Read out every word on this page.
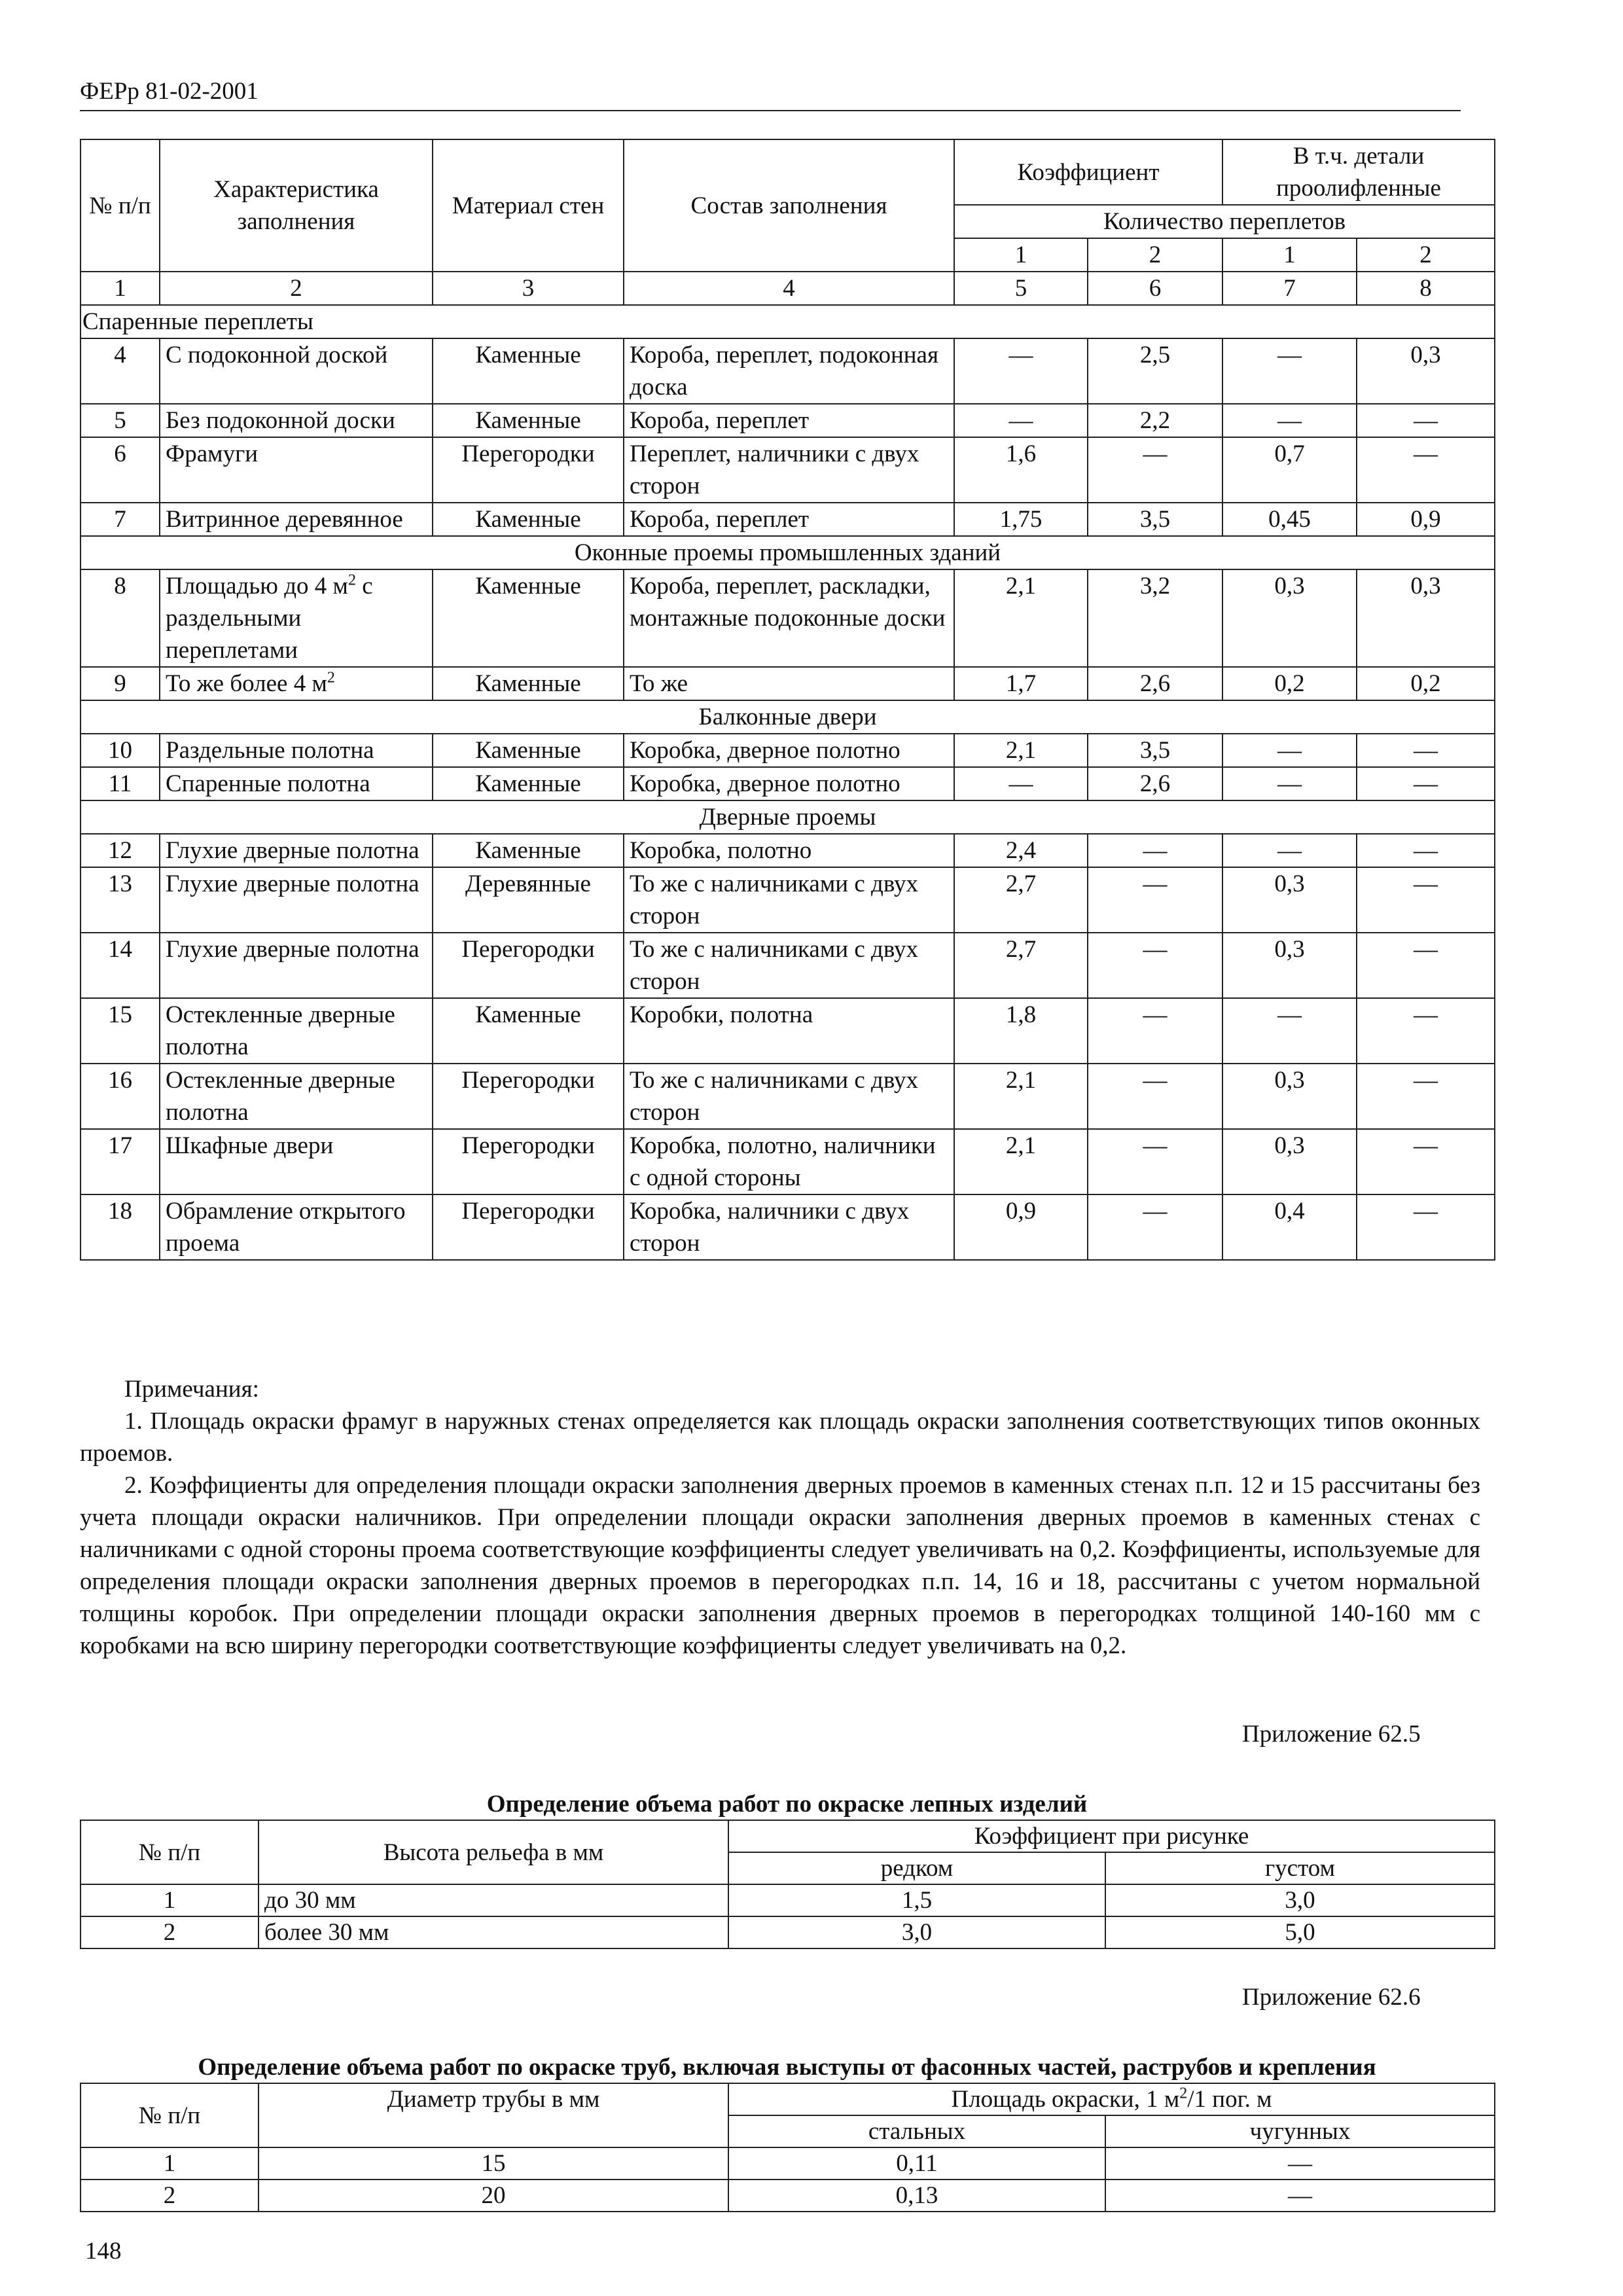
ФЕРр 81-02-2001
№ п/п	Характеристика заполнения	Материал стен	Состав заполнения	Коэффициент		В т.ч. детали проолифленные	
				Количество переплетов			
				1	2	1	2
1	2	3	4	5	6	7	8
Спаренные переплеты							
4	С подоконной доской	Каменные	Короба, переплет, подоконная доска	—	2,5	—	0,3
5	Без подоконной доски	Каменные	Короба, переплет	—	2,2	—	—
6	Фрамуги	Перегородки	Переплет, наличники с двух сторон	1,6	—	0,7	—
7	Витринное деревянное	Каменные	Короба, переплет	1,75	3,5	0,45	0,9
Оконные проемы промышленных зданий							
8	Площадью до 4 $м^2$ с раздельными переплетами	Каменные	Короба, переплет, раскладки, монтажные подоконные доски	2,1	3,2	0,3	0,3
9	То же более 4 $м^2$	Каменные	То же	1,7	2,6	0,2	0,2
Балконные двери							
10	Раздельные полотна	Каменные	Коробка, дверное полотно	2,1	3,5	—	—
11	Спаренные полотна	Каменные	Коробка, дверное полотно	—	2,6	—	—
Дверные проемы							
12	Глухие дверные полотна	Каменные	Коробка, полотно	2,4	—	—	—
13	Глухие дверные полотна	Деревянные	То же с наличниками с двух сторон	2,7	—	0,3	—
14	Глухие дверные полотна	Перегородки	То же с наличниками с двух сторон	2,7	—	0,3	—
15	Остекленные дверные полотна	Каменные	Коробки, полотна	1,8	—	—	—
16	Остекленные дверные полотна	Перегородки	То же с наличниками с двух сторон	2,1	—	0,3	—
17	Шкафные двери	Перегородки	Коробка, полотно, наличники с одной стороны	2,1	—	0,3	—
18	Обрамление открытого проема	Перегородки	Коробка, наличники с двух сторон	0,9	—	0,4	—

Примечания:

1. Площадь окраски фрамуг в наружных стенах определяется как площадь окраски заполнения соответствующих типов оконных проемов.

2. Коэффициенты для определения площади окраски заполнения дверных проемов в каменных стенах п.п. 12 и 15 рассчитаны без учета площади окраски наличников. При определении площади окраски заполнения дверных проемов в каменных стенах с наличниками с одной стороны проема соответствующие коэффициенты следует увеличивать на 0,2. Коэффициенты, используемые для определения площади окраски заполнения дверных проемов в перегородках п.п. 14, 16 и 18, рассчитаны с учетом нормальной толщины коробок. При определении площади окраски заполнения дверных проемов в перегородках толщиной 140-160 мм с коробками на всю ширину перегородки соответствующие коэффициенты следует увеличивать на 0,2.

Приложение 62.5
Определение объема работ по окраске лепных изделий
№ п/п	Высота рельефа в мм	Коэффициент при рисунке	
		редком	густом
1	до 30 мм	1,5	3,0
2	более 30 мм	3,0	5,0
Приложение 62.6
Определение объема работ по окраске труб, включая выступы от фасонных частей, раструбов и крепления
№ п/п	Диаметр трубы в мм	Площадь окраски, 1 $м^2/1$ пог. м	
		стальных	чугунных
1	15	0,11	—
2	20	0,13	—
148
